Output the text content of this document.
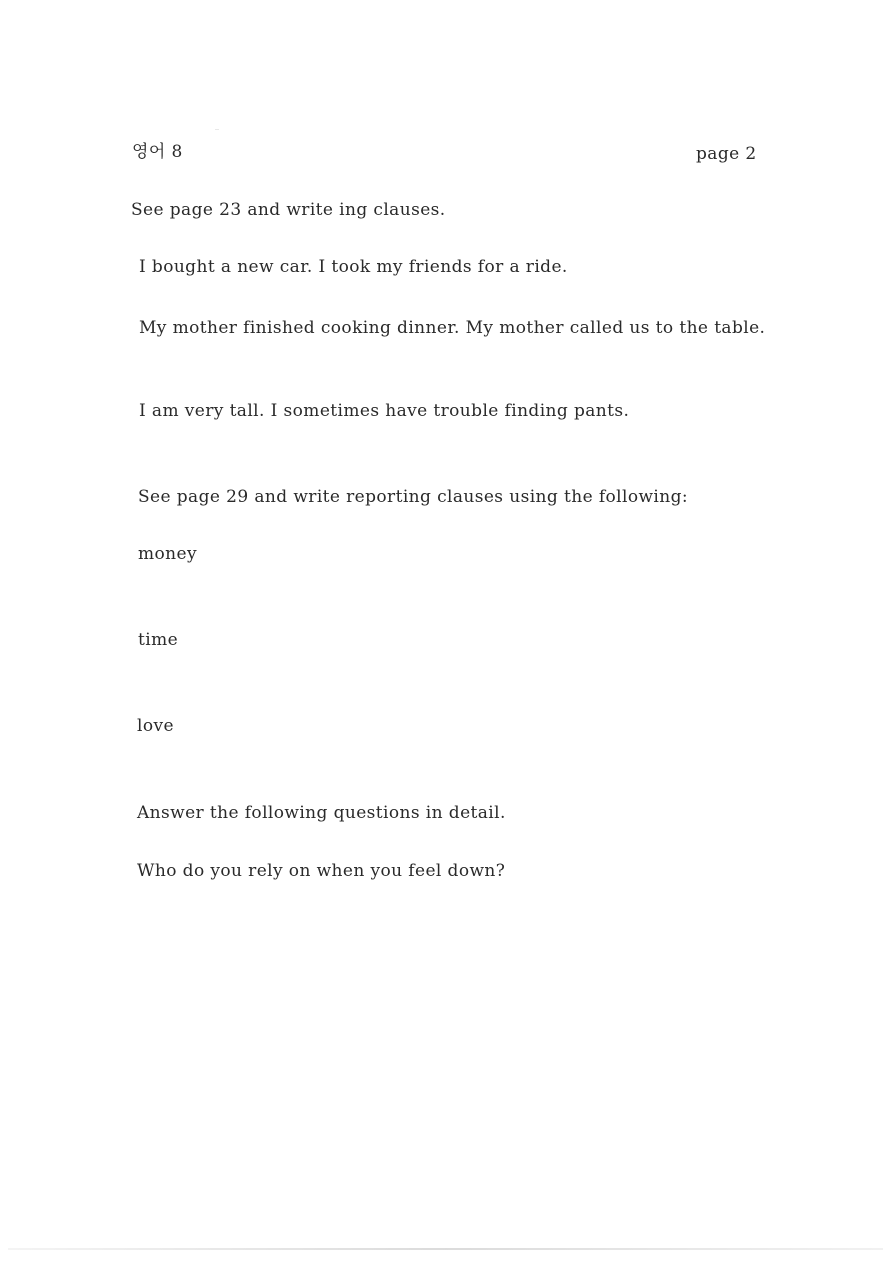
영어 8	page 2
See page 23 and write ing clauses.
I bought a new car. I took my friends for a ride.
My mother finished cooking dinner. My mother called us to the table.
I am very tall. I sometimes have trouble finding pants.
See page 29 and write reporting clauses using the following:
money
time
love
Answer the following questions in detail.
Who do you rely on when you feel down?
